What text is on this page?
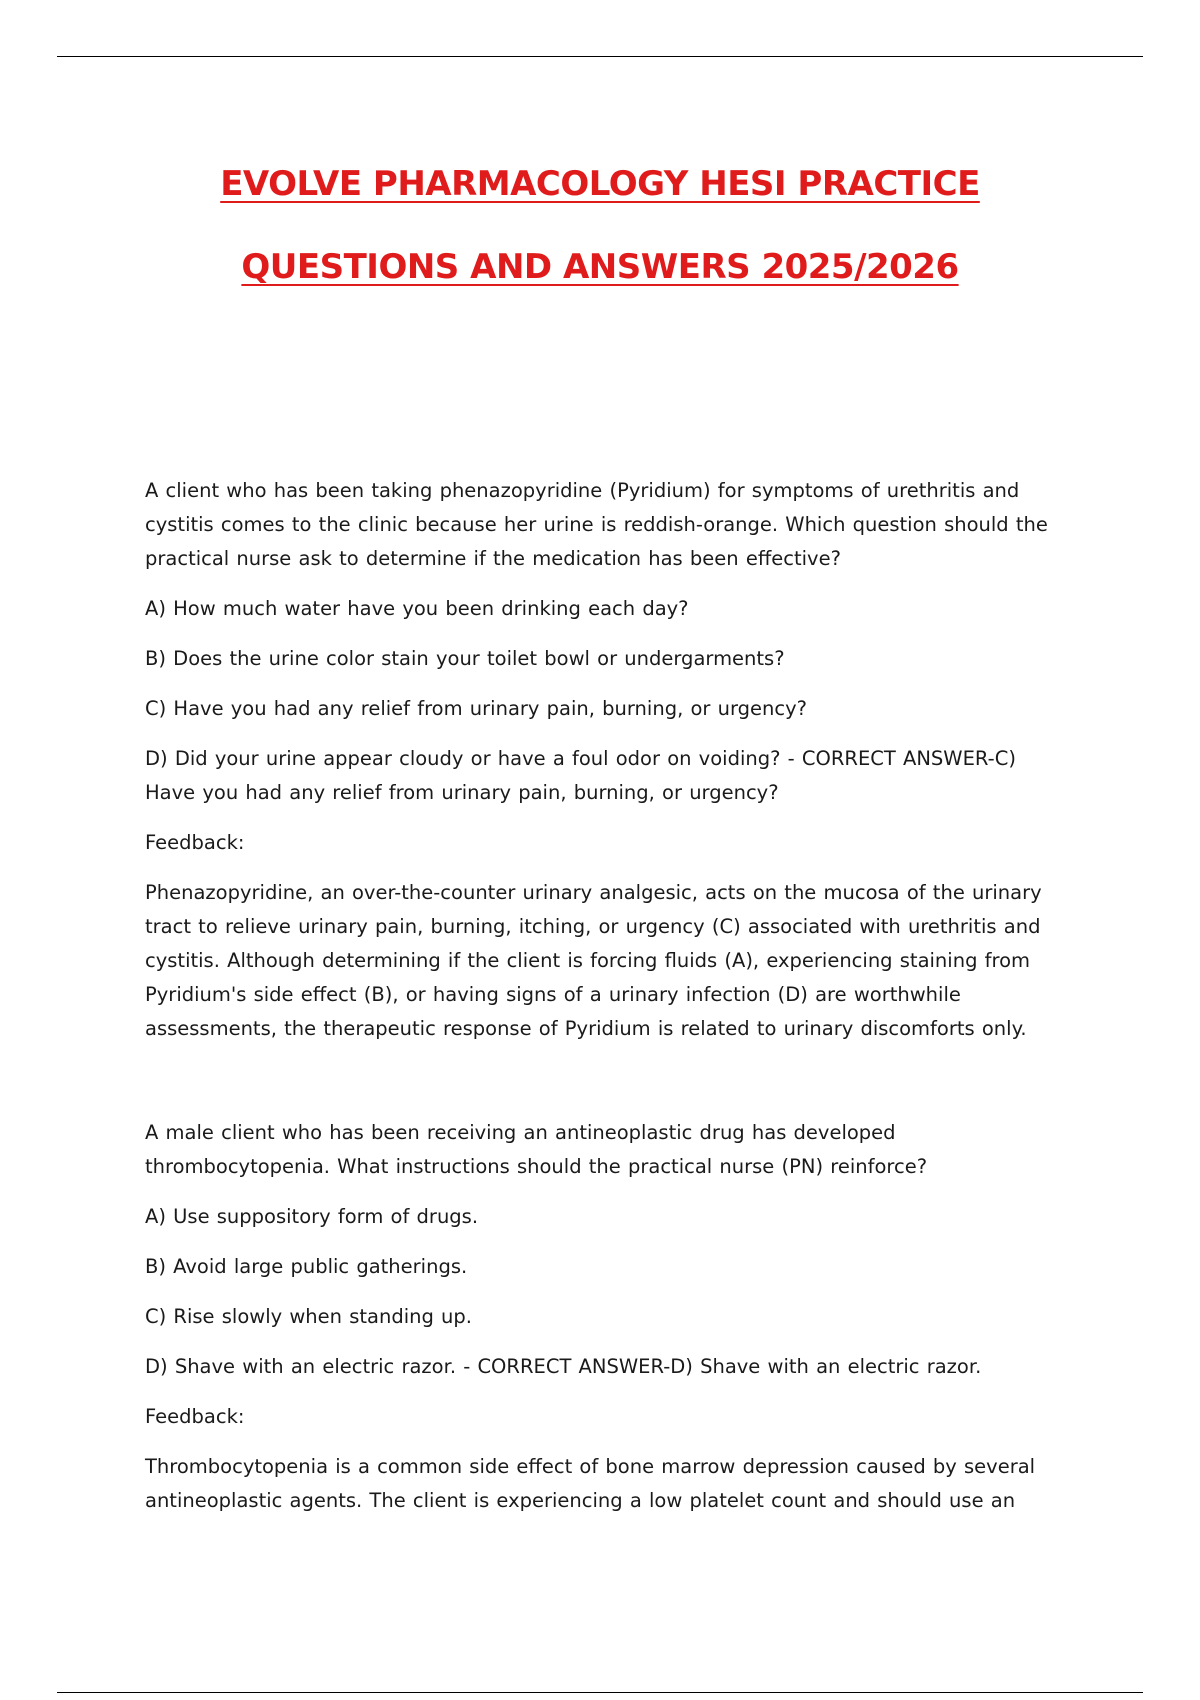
EVOLVE PHARMACOLOGY HESI PRACTICE
QUESTIONS AND ANSWERS 2025/2026

A client who has been taking phenazopyridine (Pyridium) for symptoms of urethritis and cystitis comes to the clinic because her urine is reddish-orange. Which question should the practical nurse ask to determine if the medication has been effective?

A) How much water have you been drinking each day?

B) Does the urine color stain your toilet bowl or undergarments?

C) Have you had any relief from urinary pain, burning, or urgency?

D) Did your urine appear cloudy or have a foul odor on voiding? - CORRECT ANSWER-C) Have you had any relief from urinary pain, burning, or urgency?

Feedback:

Phenazopyridine, an over-the-counter urinary analgesic, acts on the mucosa of the urinary tract to relieve urinary pain, burning, itching, or urgency (C) associated with urethritis and cystitis. Although determining if the client is forcing fluids (A), experiencing staining from Pyridium's side effect (B), or having signs of a urinary infection (D) are worthwhile assessments, the therapeutic response of Pyridium is related to urinary discomforts only.

A male client who has been receiving an antineoplastic drug has developed thrombocytopenia. What instructions should the practical nurse (PN) reinforce?

A) Use suppository form of drugs.

B) Avoid large public gatherings.

C) Rise slowly when standing up.

D) Shave with an electric razor. - CORRECT ANSWER-D) Shave with an electric razor.

Feedback:

Thrombocytopenia is a common side effect of bone marrow depression caused by several antineoplastic agents. The client is experiencing a low platelet count and should use an
